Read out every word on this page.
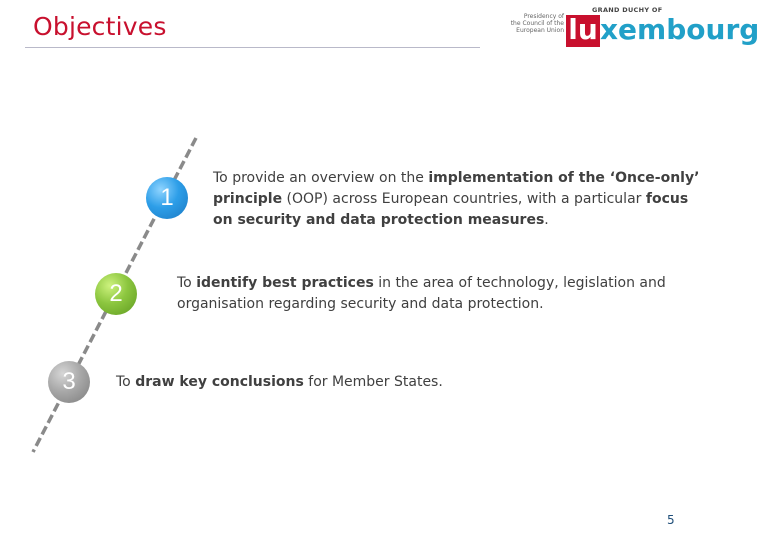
Objectives	Presidency of
the Council of the
European Union
GRAND DUCHY OF
lu xembourg
1
2
3
To provide an overview on the implementation of the ‘Once-only’ principle (OOP) across European countries, with a particular focus on security and data protection measures.
To identify best practices in the area of technology, legislation and organisation regarding security and data protection.
To draw key conclusions for Member States.
5
